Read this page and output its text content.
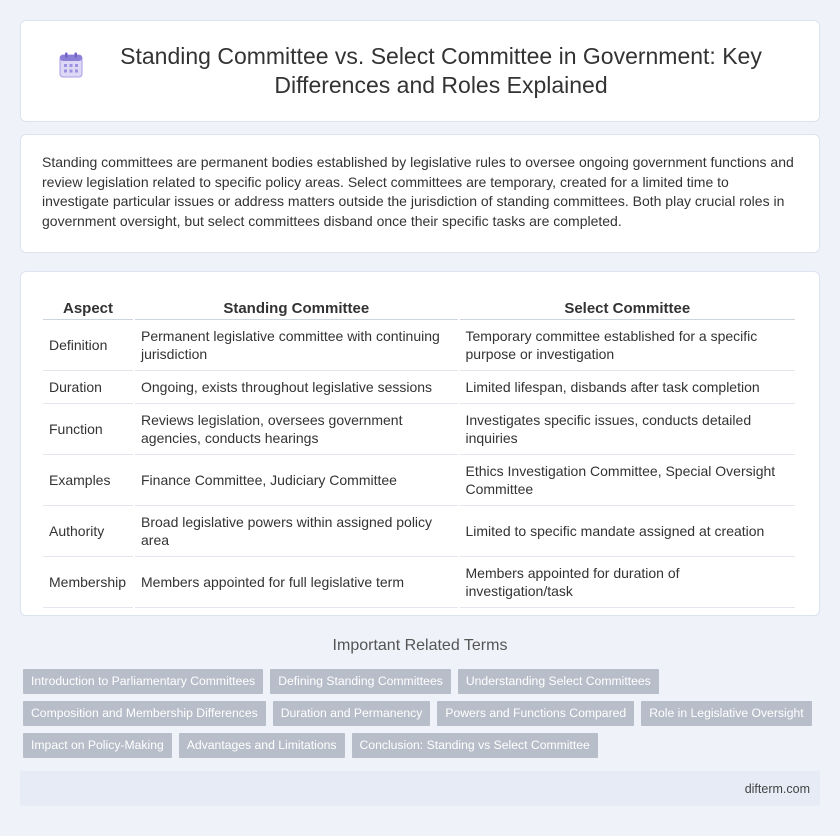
Standing Committee vs. Select Committee in Government: Key Differences and Roles Explained

Standing committees are permanent bodies established by legislative rules to oversee ongoing government functions and review legislation related to specific policy areas. Select committees are temporary, created for a limited time to investigate particular issues or address matters outside the jurisdiction of standing committees. Both play crucial roles in government oversight, but select committees disband once their specific tasks are completed.

Aspect	Standing Committee	Select Committee
Definition	Permanent legislative committee with continuing jurisdiction	Temporary committee established for a specific purpose or investigation
Duration	Ongoing, exists throughout legislative sessions	Limited lifespan, disbands after task completion
Function	Reviews legislation, oversees government agencies, conducts hearings	Investigates specific issues, conducts detailed inquiries
Examples	Finance Committee, Judiciary Committee	Ethics Investigation Committee, Special Oversight Committee
Authority	Broad legislative powers within assigned policy area	Limited to specific mandate assigned at creation
Membership	Members appointed for full legislative term	Members appointed for duration of investigation/task
Important Related Terms
Introduction to Parliamentary Committees	Defining Standing Committees	Understanding Select Committees
Composition and Membership Differences	Duration and Permanency	Powers and Functions Compared	Role in Legislative Oversight
Impact on Policy-Making	Advantages and Limitations	Conclusion: Standing vs Select Committee
difterm.com
